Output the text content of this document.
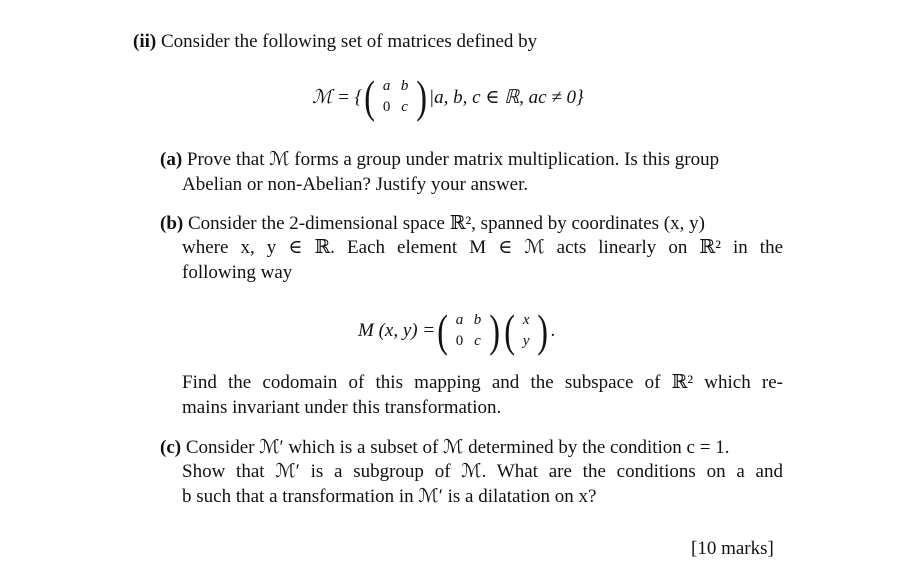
(ii) Consider the following set of matrices defined by
ℳ = { ( a b
0 c ) |a, b, c ∈ ℝ, ac ≠ 0}
(a) Prove that ℳ forms a group under matrix multiplication. Is this group
Abelian or non-Abelian? Justify your answer.
(b) Consider the 2-dimensional space ℝ², spanned by coordinates (x, y)
where x, y ∈ ℝ. Each element M ∈ ℳ acts linearly on ℝ² in the
following way
M (x, y) = ( a b
0 c ) ( x
y ) .
Find the codomain of this mapping and the subspace of ℝ² which re-
mains invariant under this transformation.
(c) Consider ℳ′ which is a subset of ℳ determined by the condition c = 1.
Show that ℳ′ is a subgroup of ℳ. What are the conditions on a and
b such that a transformation in ℳ′ is a dilatation on x?
[10 marks]
